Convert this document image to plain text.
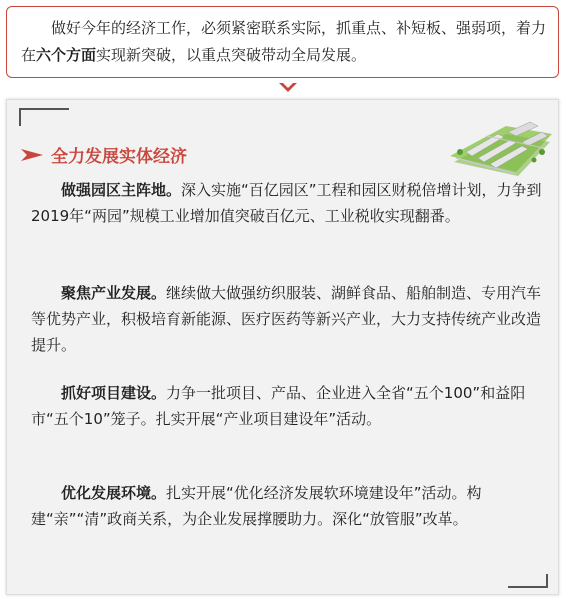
做好今年的经济工作，必须紧密联系实际，抓重点、补短板、强弱项，着力在六个方面实现新突破，以重点突破带动全局发展。
全力发展实体经济
做强园区主阵地。深入实施“百亿园区”工程和园区财税倍增计划，力争到2019年“两园”规模工业增加值突破百亿元、工业税收实现翻番。
聚焦产业发展。继续做大做强纺织服装、湖鲜食品、船舶制造、专用汽车等优势产业，积极培育新能源、医疗医药等新兴产业，大力支持传统产业改造提升。
抓好项目建设。力争一批项目、产品、企业进入全省“五个100”和益阳市“五个10”笼子。扎实开展“产业项目建设年”活动。
优化发展环境。扎实开展“优化经济发展软环境建设年”活动。构建“亲”“清”政商关系，为企业发展撑腰助力。深化“放管服”改革。
